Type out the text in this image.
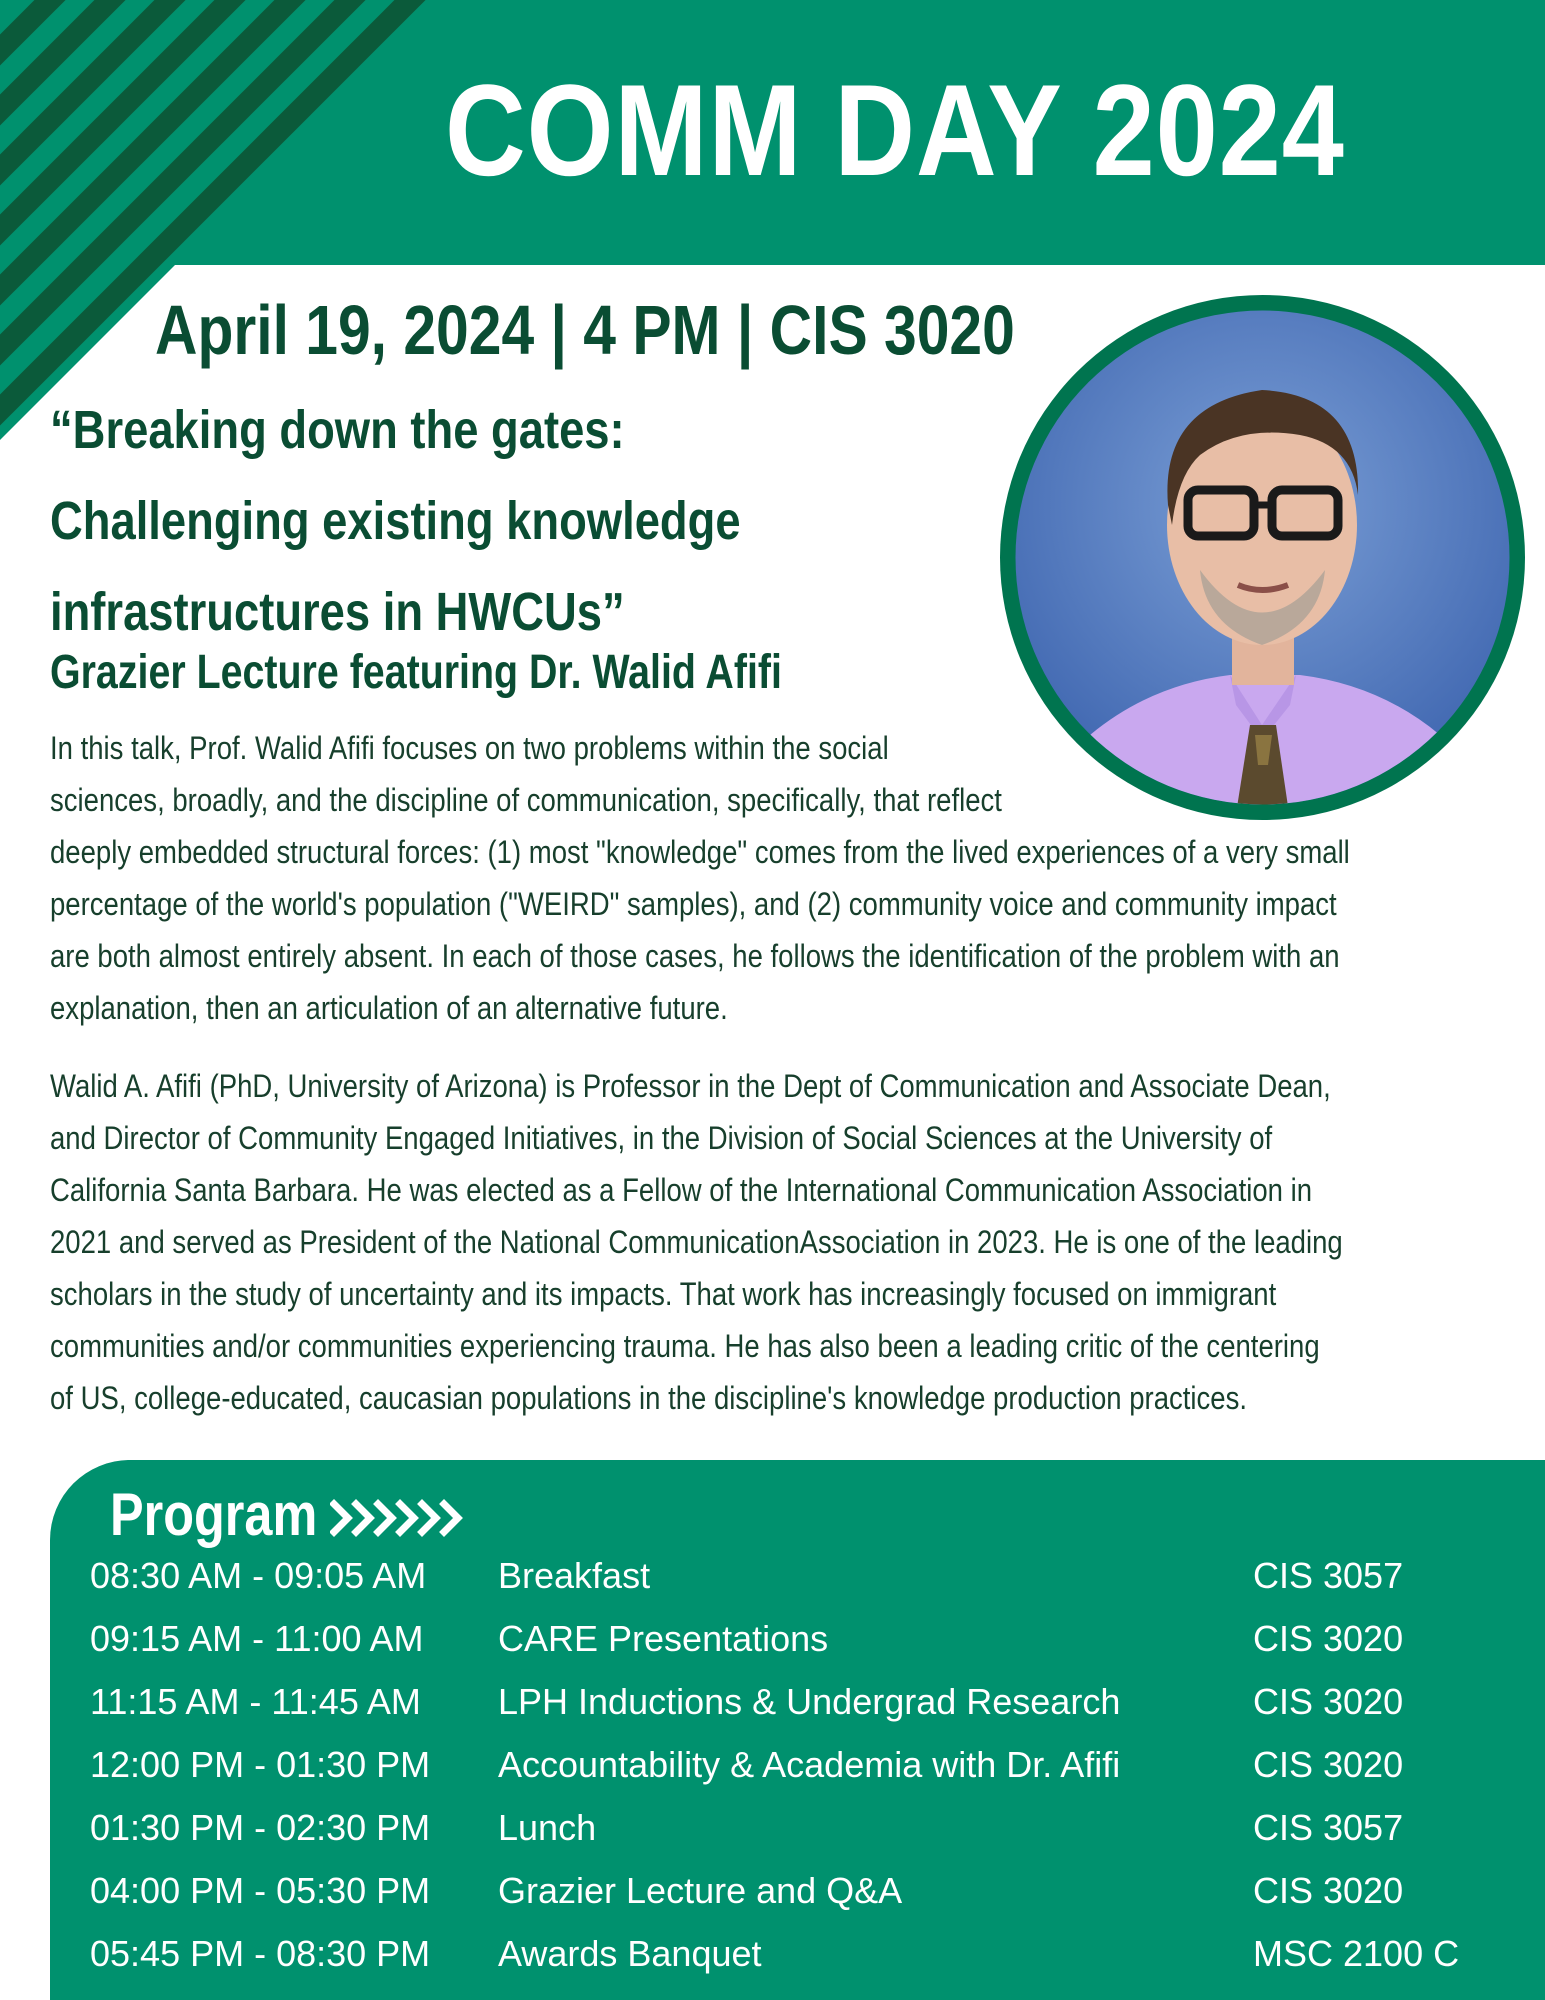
COMM DAY 2024
April 19, 2024 | 4 PM | CIS 3020
“Breaking down the gates:
Challenging existing knowledge
infrastructures in HWCUs”
Grazier Lecture featuring Dr. Walid Afifi
In this talk, Prof. Walid Afifi focuses on two problems within the social
sciences, broadly, and the discipline of communication, specifically, that reflect
deeply embedded structural forces: (1) most "knowledge" comes from the lived experiences of a very small
percentage of the world's population ("WEIRD" samples), and (2) community voice and community impact
are both almost entirely absent. In each of those cases, he follows the identification of the problem with an
explanation, then an articulation of an alternative future.
Walid A. Afifi (PhD, University of Arizona) is Professor in the Dept of Communication and Associate Dean,
and Director of Community Engaged Initiatives, in the Division of Social Sciences at the University of
California Santa Barbara. He was elected as a Fellow of the International Communication Association in
2021 and served as President of the National CommunicationAssociation in 2023. He is one of the leading
scholars in the study of uncertainty and its impacts. That work has increasingly focused on immigrant
communities and/or communities experiencing trauma. He has also been a leading critic of the centering
of US, college-educated, caucasian populations in the discipline's knowledge production practices.
Program
08:30 AM - 09:05 AM	Breakfast	CIS 3057
09:15 AM - 11:00 AM	CARE Presentations	CIS 3020
11:15 AM - 11:45 AM	LPH Inductions & Undergrad Research	CIS 3020
12:00 PM - 01:30 PM	Accountability & Academia with Dr. Afifi	CIS 3020
01:30 PM - 02:30 PM	Lunch	CIS 3057
04:00 PM - 05:30 PM	Grazier Lecture and Q&A	CIS 3020
05:45 PM - 08:30 PM	Awards Banquet	MSC 2100 C
